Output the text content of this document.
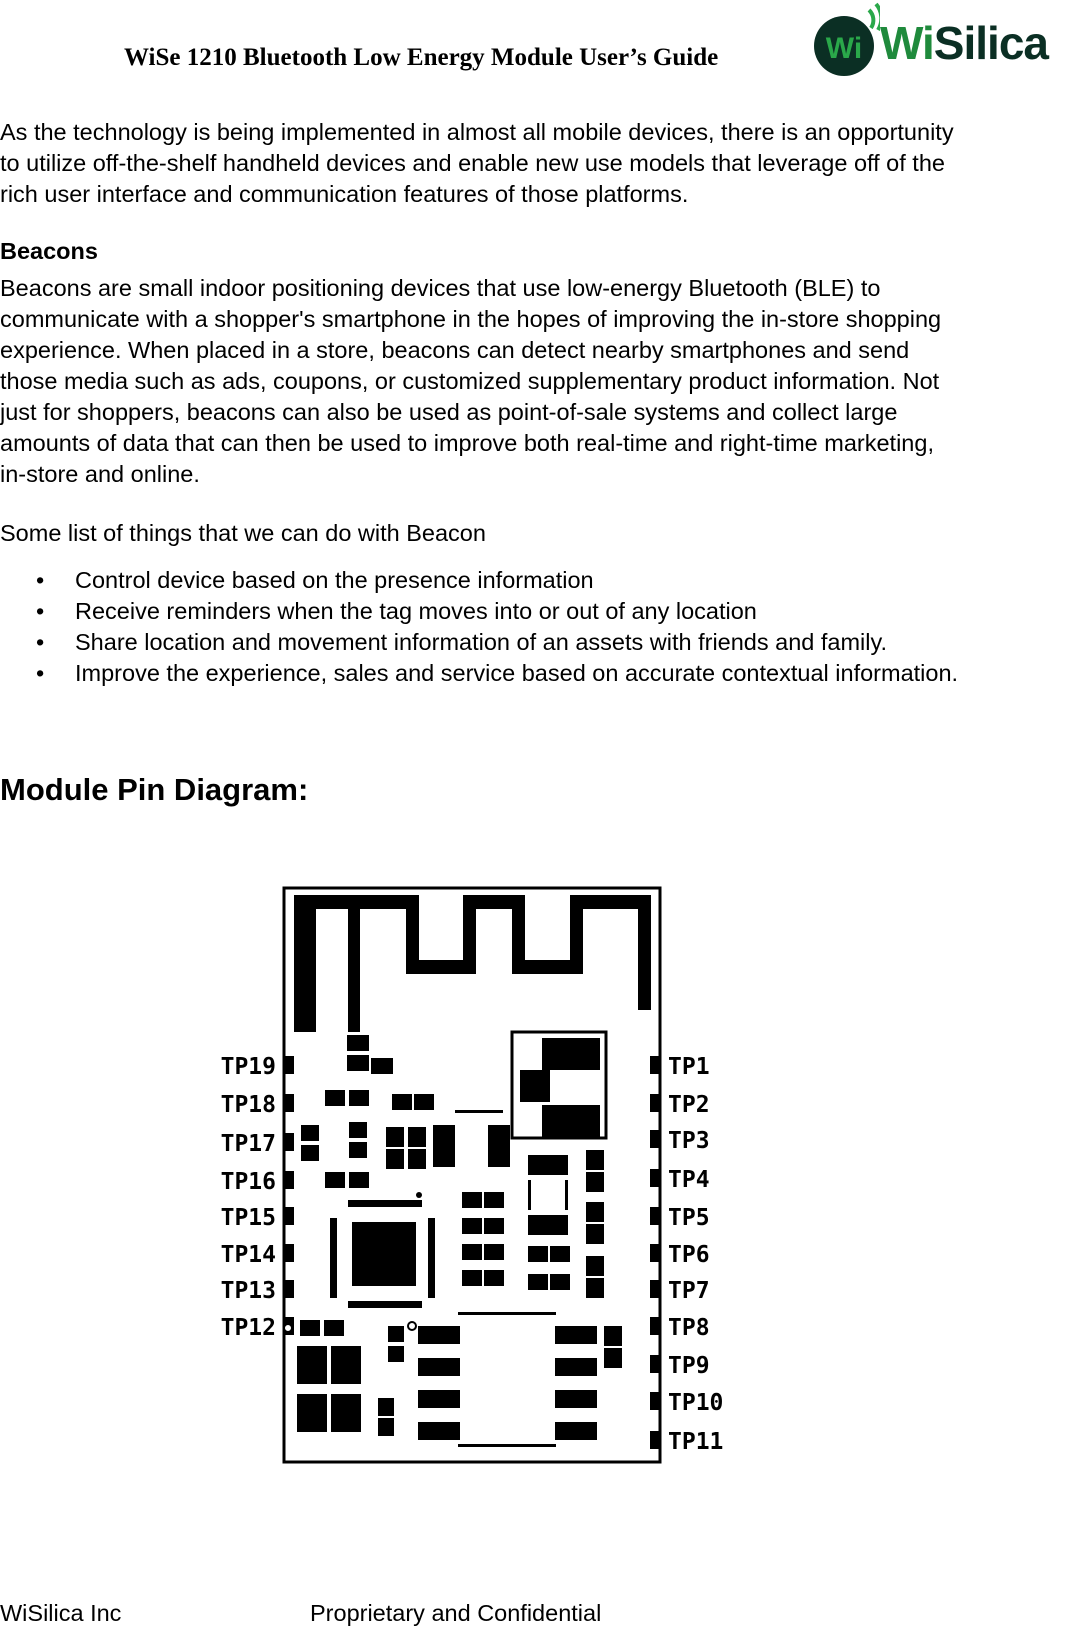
WiSe 1210 Bluetooth Low Energy Module User’s Guide	Wi WiSilica

As the technology is being implemented in almost all mobile devices, there is an opportunity to utilize off-the-shelf handheld devices and enable new use models that leverage off of the rich user interface and communication features of those platforms.

Beacons

Beacons are small indoor positioning devices that use low-energy Bluetooth (BLE) to communicate with a shopper's smartphone in the hopes of improving the in-store shopping experience. When placed in a store, beacons can detect nearby smartphones and send those media such as ads, coupons, or customized supplementary product information. Not just for shoppers, beacons can also be used as point-of-sale systems and collect large amounts of data that can then be used to improve both real-time and right-time marketing, in-store and online.

Some list of things that we can do with Beacon

• Control device based on the presence information
• Receive reminders when the tag moves into or out of any location
• Share location and movement information of an assets with friends and family.
• Improve the experience, sales and service based on accurate contextual information.
Module Pin Diagram:
TP19
TP18
TP17
TP16
TP15
TP14
TP13
TP12
TP1
TP2
TP3
TP4
TP5
TP6
TP7
TP8
TP9
TP10
TP11
WiSilica Inc	Proprietary and Confidential
